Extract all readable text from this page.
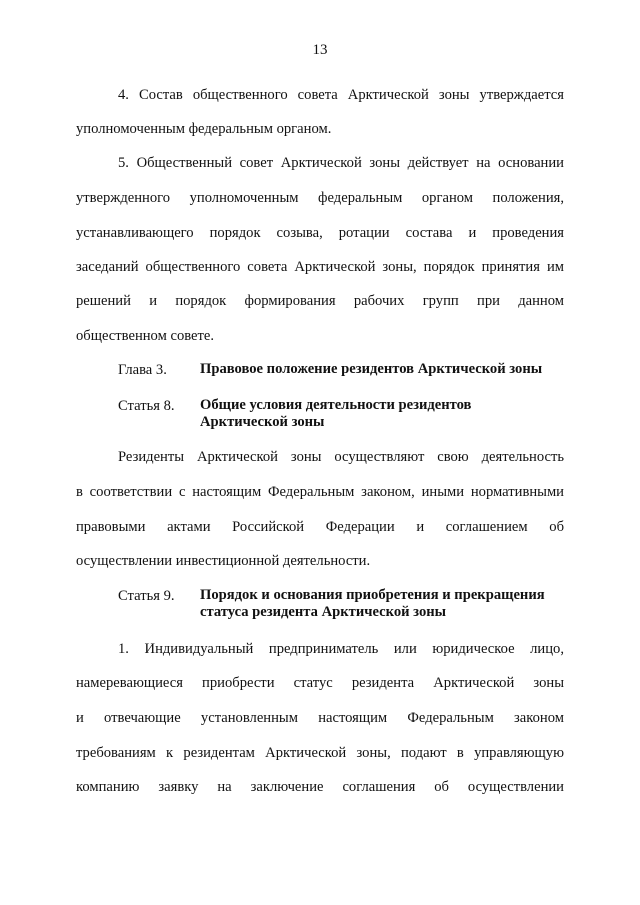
13
4. Состав общественного совета Арктической зоны утверждается
уполномоченным федеральным органом.
5. Общественный совет Арктической зоны действует на основании
утвержденного уполномоченным федеральным органом положения,
устанавливающего порядок созыва, ротации состава и проведения
заседаний общественного совета Арктической зоны, порядок принятия им
решений и порядок формирования рабочих групп при данном
общественном совете.
Глава 3. Правовое положение резидентов Арктической зоны
Статья 8. Общие условия деятельности резидентов
Арктической зоны
Резиденты Арктической зоны осуществляют свою деятельность
в соответствии с настоящим Федеральным законом, иными нормативными
правовыми актами Российской Федерации и соглашением об
осуществлении инвестиционной деятельности.
Статья 9. Порядок и основания приобретения и прекращения
статуса резидента Арктической зоны
1. Индивидуальный предприниматель или юридическое лицо,
намеревающиеся приобрести статус резидента Арктической зоны
и отвечающие установленным настоящим Федеральным законом
требованиям к резидентам Арктической зоны, подают в управляющую
компанию заявку на заключение соглашения об осуществлении
